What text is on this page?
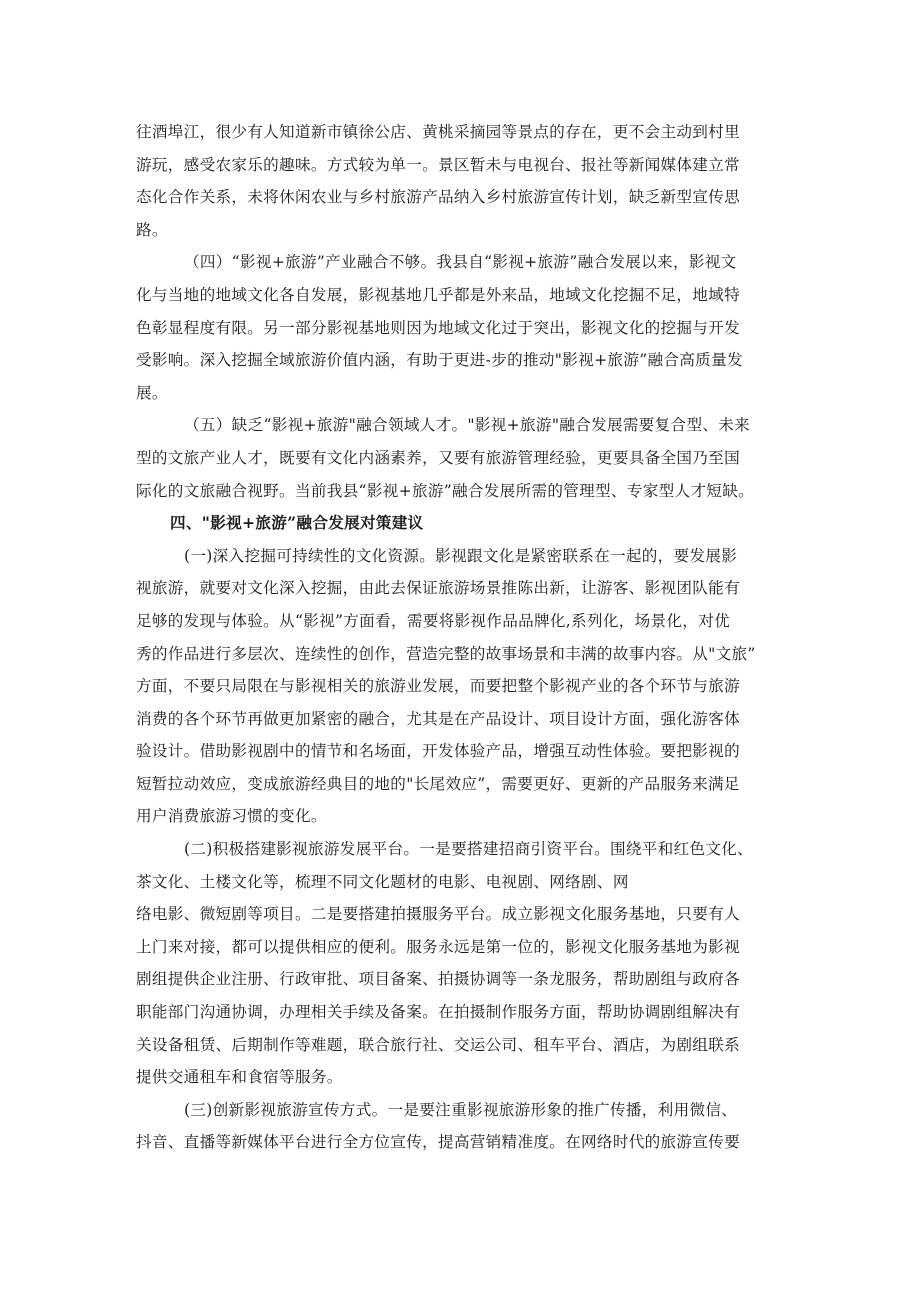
往酒埠江，很少有人知道新市镇徐公店、黄桃采摘园等景点的存在，更不会主动到村里
游玩，感受农家乐的趣味。方式较为单一。景区暂未与电视台、报社等新闻媒体建立常
态化合作关系，未将休闲农业与乡村旅游产品纳入乡村旅游宣传计划，缺乏新型宣传思
路。

（四）“影视+旅游”产业融合不够。我县自“影视+旅游”融合发展以来，影视文
化与当地的地域文化各自发展，影视基地几乎都是外来品，地域文化挖掘不足，地域特
色彰显程度有限。另一部分影视基地则因为地域文化过于突出，影视文化的挖掘与开发
受影响。深入挖掘全域旅游价值内涵，有助于更进-步的推动"影视+旅游”融合高质量发
展。

（五）缺乏“影视+旅游"融合领域人才。"影视+旅游"融合发展需要复合型、未来
型的文旅产业人才，既要有文化内涵素养，又要有旅游管理经验，更要具备全国乃至国
际化的文旅融合视野。当前我县“影视+旅游”融合发展所需的管理型、专家型人才短缺。

四、"影视+旅游”融合发展对策建议

(一)深入挖掘可持续性的文化资源。影视跟文化是紧密联系在一起的，要发展影
视旅游，就要对文化深入挖掘，由此去保证旅游场景推陈出新，让游客、影视团队能有
足够的发现与体验。从“影视”方面看，需要将影视作品品牌化,系列化，场景化，对优
秀的作品进行多层次、连续性的创作，营造完整的故事场景和丰满的故事内容。从"文旅”
方面，不要只局限在与影视相关的旅游业发展，而要把整个影视产业的各个环节与旅游
消费的各个环节再做更加紧密的融合，尤其是在产品设计、项目设计方面，强化游客体
验设计。借助影视剧中的情节和名场面，开发体验产品，增强互动性体验。要把影视的
短暂拉动效应，变成旅游经典目的地的"长尾效应”，需要更好、更新的产品服务来满足
用户消费旅游习惯的变化。

(二)积极搭建影视旅游发展平台。一是要搭建招商引资平台。围绕平和红色文化、
茶文化、土楼文化等，梳理不同文化题材的电影、电视剧、网络剧、网
络电影、微短剧等项目。二是要搭建拍摄服务平台。成立影视文化服务基地，只要有人
上门来对接，都可以提供相应的便利。服务永远是第一位的，影视文化服务基地为影视
剧组提供企业注册、行政审批、项目备案、拍摄协调等一条龙服务，帮助剧组与政府各
职能部门沟通协调，办理相关手续及备案。在拍摄制作服务方面，帮助协调剧组解决有
关设备租赁、后期制作等难题，联合旅行社、交运公司、租车平台、酒店，为剧组联系
提供交通租车和食宿等服务。

(三)创新影视旅游宣传方式。一是要注重影视旅游形象的推广传播，利用微信、
抖音、直播等新媒体平台进行全方位宣传，提高营销精准度。在网络时代的旅游宣传要
